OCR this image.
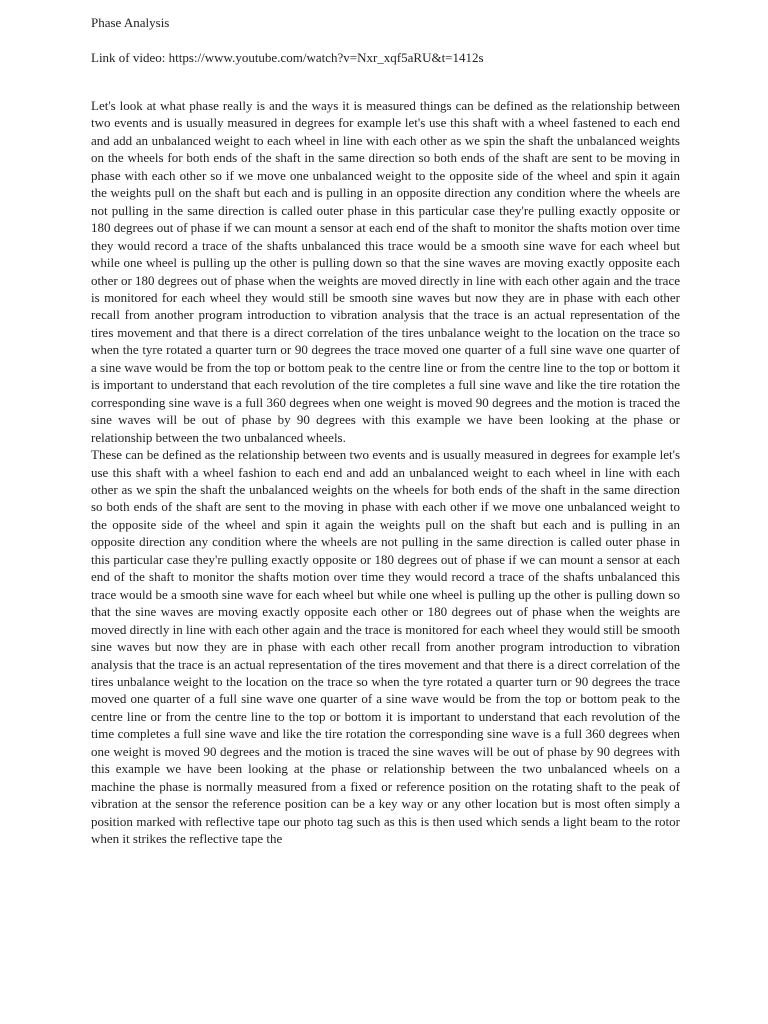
Phase Analysis

Link of video: https://www.youtube.com/watch?v=Nxr_xqf5aRU&t=1412s

Let's look at what phase really is and the ways it is measured things can be defined as the relationship between two events and is usually measured in degrees for example let's use this shaft with a wheel fastened to each end and add an unbalanced weight to each wheel in line with each other as we spin the shaft the unbalanced weights on the wheels for both ends of the shaft in the same direction so both ends of the shaft are sent to be moving in phase with each other so if we move one unbalanced weight to the opposite side of the wheel and spin it again the weights pull on the shaft but each and is pulling in an opposite direction any condition where the wheels are not pulling in the same direction is called outer phase in this particular case they're pulling exactly opposite or 180 degrees out of phase if we can mount a sensor at each end of the shaft to monitor the shafts motion over time they would record a trace of the shafts unbalanced this trace would be a smooth sine wave for each wheel but while one wheel is pulling up the other is pulling down so that the sine waves are moving exactly opposite each other or 180 degrees out of phase when the weights are moved directly in line with each other again and the trace is monitored for each wheel they would still be smooth sine waves but now they are in phase with each other recall from another program introduction to vibration analysis that the trace is an actual representation of the tires movement and that there is a direct correlation of the tires unbalance weight to the location on the trace so when the tyre rotated a quarter turn or 90 degrees the trace moved one quarter of a full sine wave one quarter of a sine wave would be from the top or bottom peak to the centre line or from the centre line to the top or bottom it is important to understand that each revolution of the tire completes a full sine wave and like the tire rotation the corresponding sine wave is a full 360 degrees when one weight is moved 90 degrees and the motion is traced the sine waves will be out of phase by 90 degrees with this example we have been looking at the phase or relationship between the two unbalanced wheels.
These can be defined as the relationship between two events and is usually measured in degrees for example let's use this shaft with a wheel fashion to each end and add an unbalanced weight to each wheel in line with each other as we spin the shaft the unbalanced weights on the wheels for both ends of the shaft in the same direction so both ends of the shaft are sent to the moving in phase with each other if we move one unbalanced weight to the opposite side of the wheel and spin it again the weights pull on the shaft but each and is pulling in an opposite direction any condition where the wheels are not pulling in the same direction is called outer phase in this particular case they're pulling exactly opposite or 180 degrees out of phase if we can mount a sensor at each end of the shaft to monitor the shafts motion over time they would record a trace of the shafts unbalanced this trace would be a smooth sine wave for each wheel but while one wheel is pulling up the other is pulling down so that the sine waves are moving exactly opposite each other or 180 degrees out of phase when the weights are moved directly in line with each other again and the trace is monitored for each wheel they would still be smooth sine waves but now they are in phase with each other recall from another program introduction to vibration analysis that the trace is an actual representation of the tires movement and that there is a direct correlation of the tires unbalance weight to the location on the trace so when the tyre rotated a quarter turn or 90 degrees the trace moved one quarter of a full sine wave one quarter of a sine wave would be from the top or bottom peak to the centre line or from the centre line to the top or bottom it is important to understand that each revolution of the time completes a full sine wave and like the tire rotation the corresponding sine wave is a full 360 degrees when one weight is moved 90 degrees and the motion is traced the sine waves will be out of phase by 90 degrees with this example we have been looking at the phase or relationship between the two unbalanced wheels on a machine the phase is normally measured from a fixed or reference position on the rotating shaft to the peak of vibration at the sensor the reference position can be a key way or any other location but is most often simply a position marked with reflective tape our photo tag such as this is then used which sends a light beam to the rotor when it strikes the reflective tape the
